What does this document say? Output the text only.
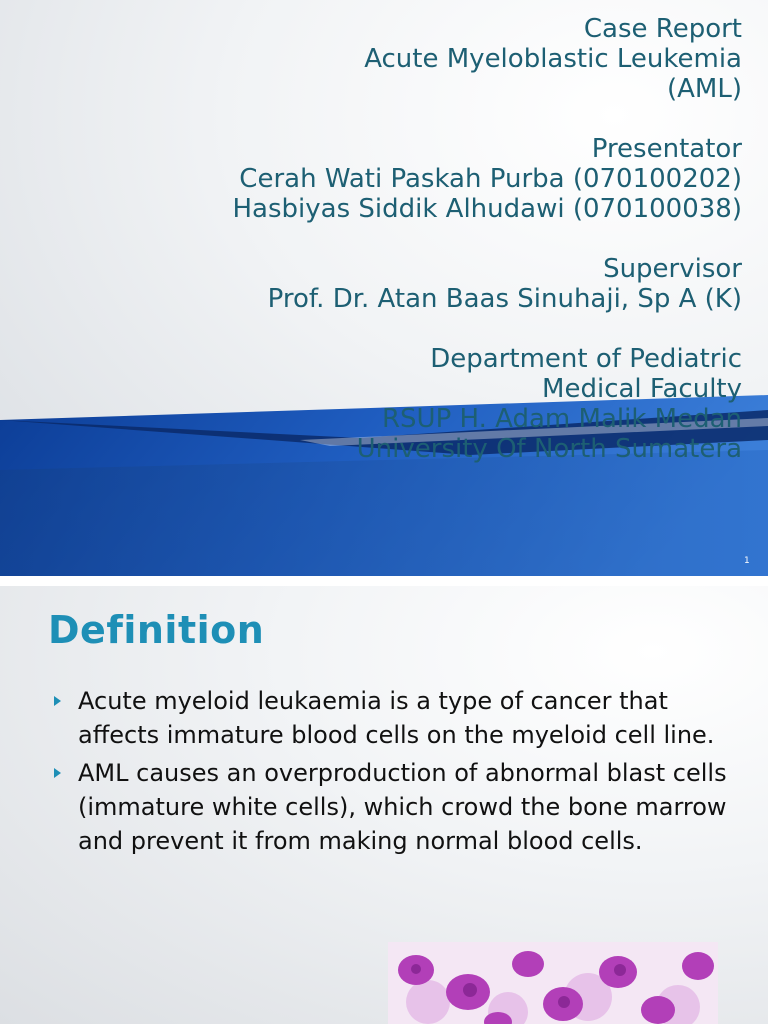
Case Report
Acute Myeloblastic Leukemia
(AML)
Presentator
Cerah Wati Paskah Purba (070100202)
Hasbiyas Siddik Alhudawi (070100038)
Supervisor
Prof. Dr. Atan Baas Sinuhaji, Sp A (K)
Department of Pediatric
Medical Faculty
RSUP H. Adam Malik Medan
University Of North Sumatera
1
Definition
Acute myeloid leukaemia is a type of cancer that affects immature blood cells on the myeloid cell line.
AML causes an overproduction of abnormal blast cells (immature white cells), which crowd the bone marrow and prevent it from making normal blood cells.
